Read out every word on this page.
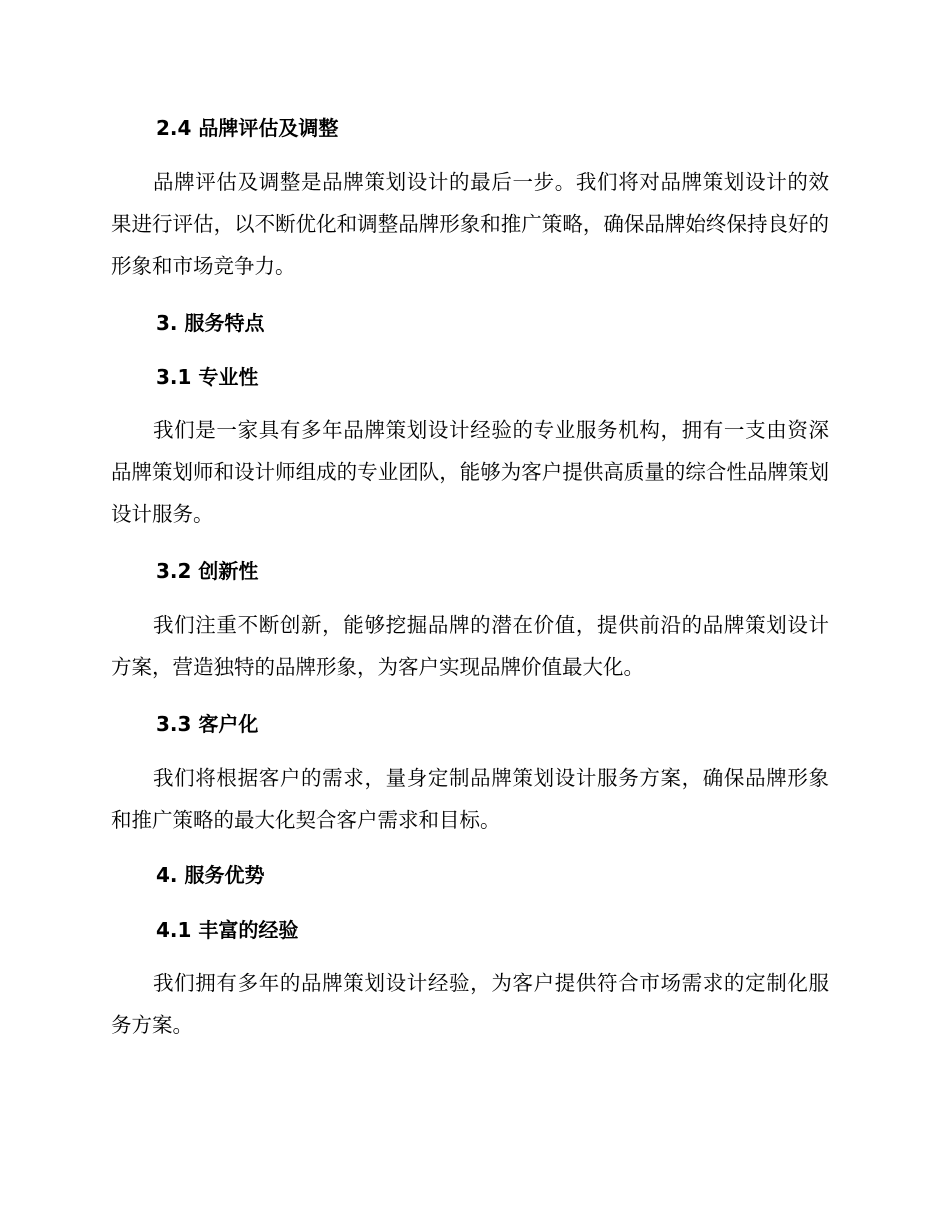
2.4 品牌评估及调整

品牌评估及调整是品牌策划设计的最后一步。我们将对品牌策划设计的效果进行评估，以不断优化和调整品牌形象和推广策略，确保品牌始终保持良好的形象和市场竞争力。

3. 服务特点
3.1 专业性

我们是一家具有多年品牌策划设计经验的专业服务机构，拥有一支由资深品牌策划师和设计师组成的专业团队，能够为客户提供高质量的综合性品牌策划设计服务。

3.2 创新性

我们注重不断创新，能够挖掘品牌的潜在价值，提供前沿的品牌策划设计方案，营造独特的品牌形象，为客户实现品牌价值最大化。

3.3 客户化

我们将根据客户的需求，量身定制品牌策划设计服务方案，确保品牌形象和推广策略的最大化契合客户需求和目标。

4. 服务优势
4.1 丰富的经验

我们拥有多年的品牌策划设计经验，为客户提供符合市场需求的定制化服务方案。
